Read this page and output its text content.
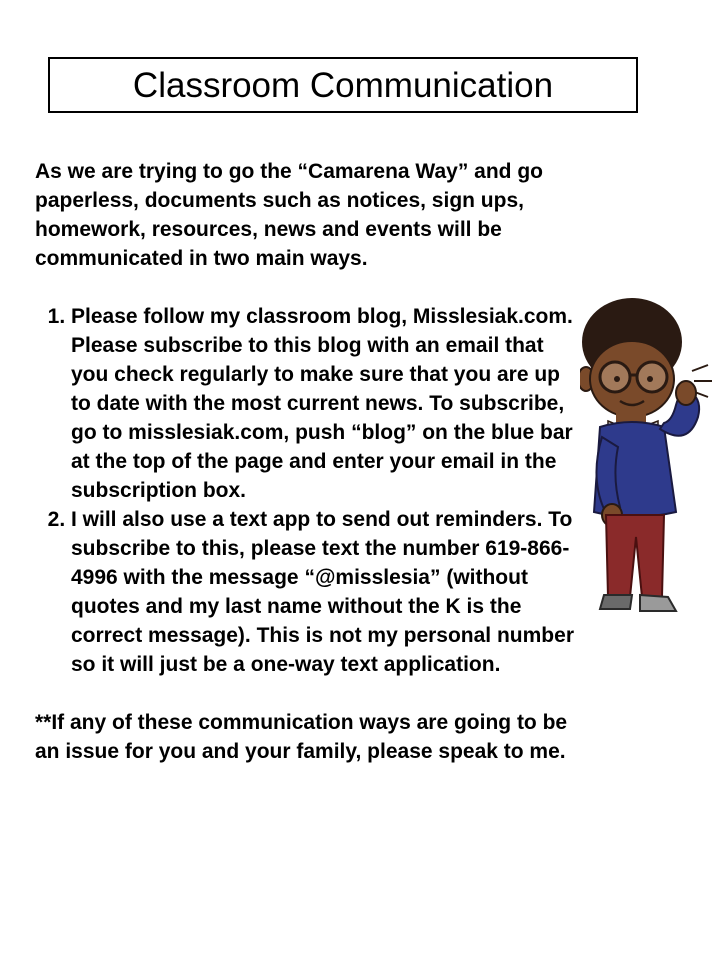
Classroom Communication

As we are trying to go the “Camarena Way” and go paperless, documents such as notices, sign ups, homework, resources, news and events will be communicated in two main ways.

1. Please follow my classroom blog, Misslesiak.com. Please subscribe to this blog with an email that you check regularly to make sure that you are up to date with the most current news. To subscribe, go to misslesiak.com, push “blog” on the blue bar at the top of the page and enter your email in the subscription box.
2. I will also use a text app to send out reminders. To subscribe to this, please text the number 619-866-4996 with the message “@misslesia” (without quotes and my last name without the K is the correct message). This is not my personal number so it will just be a one-way text application.

**If any of these communication ways are going to be an issue for you and your family, please speak to me.
